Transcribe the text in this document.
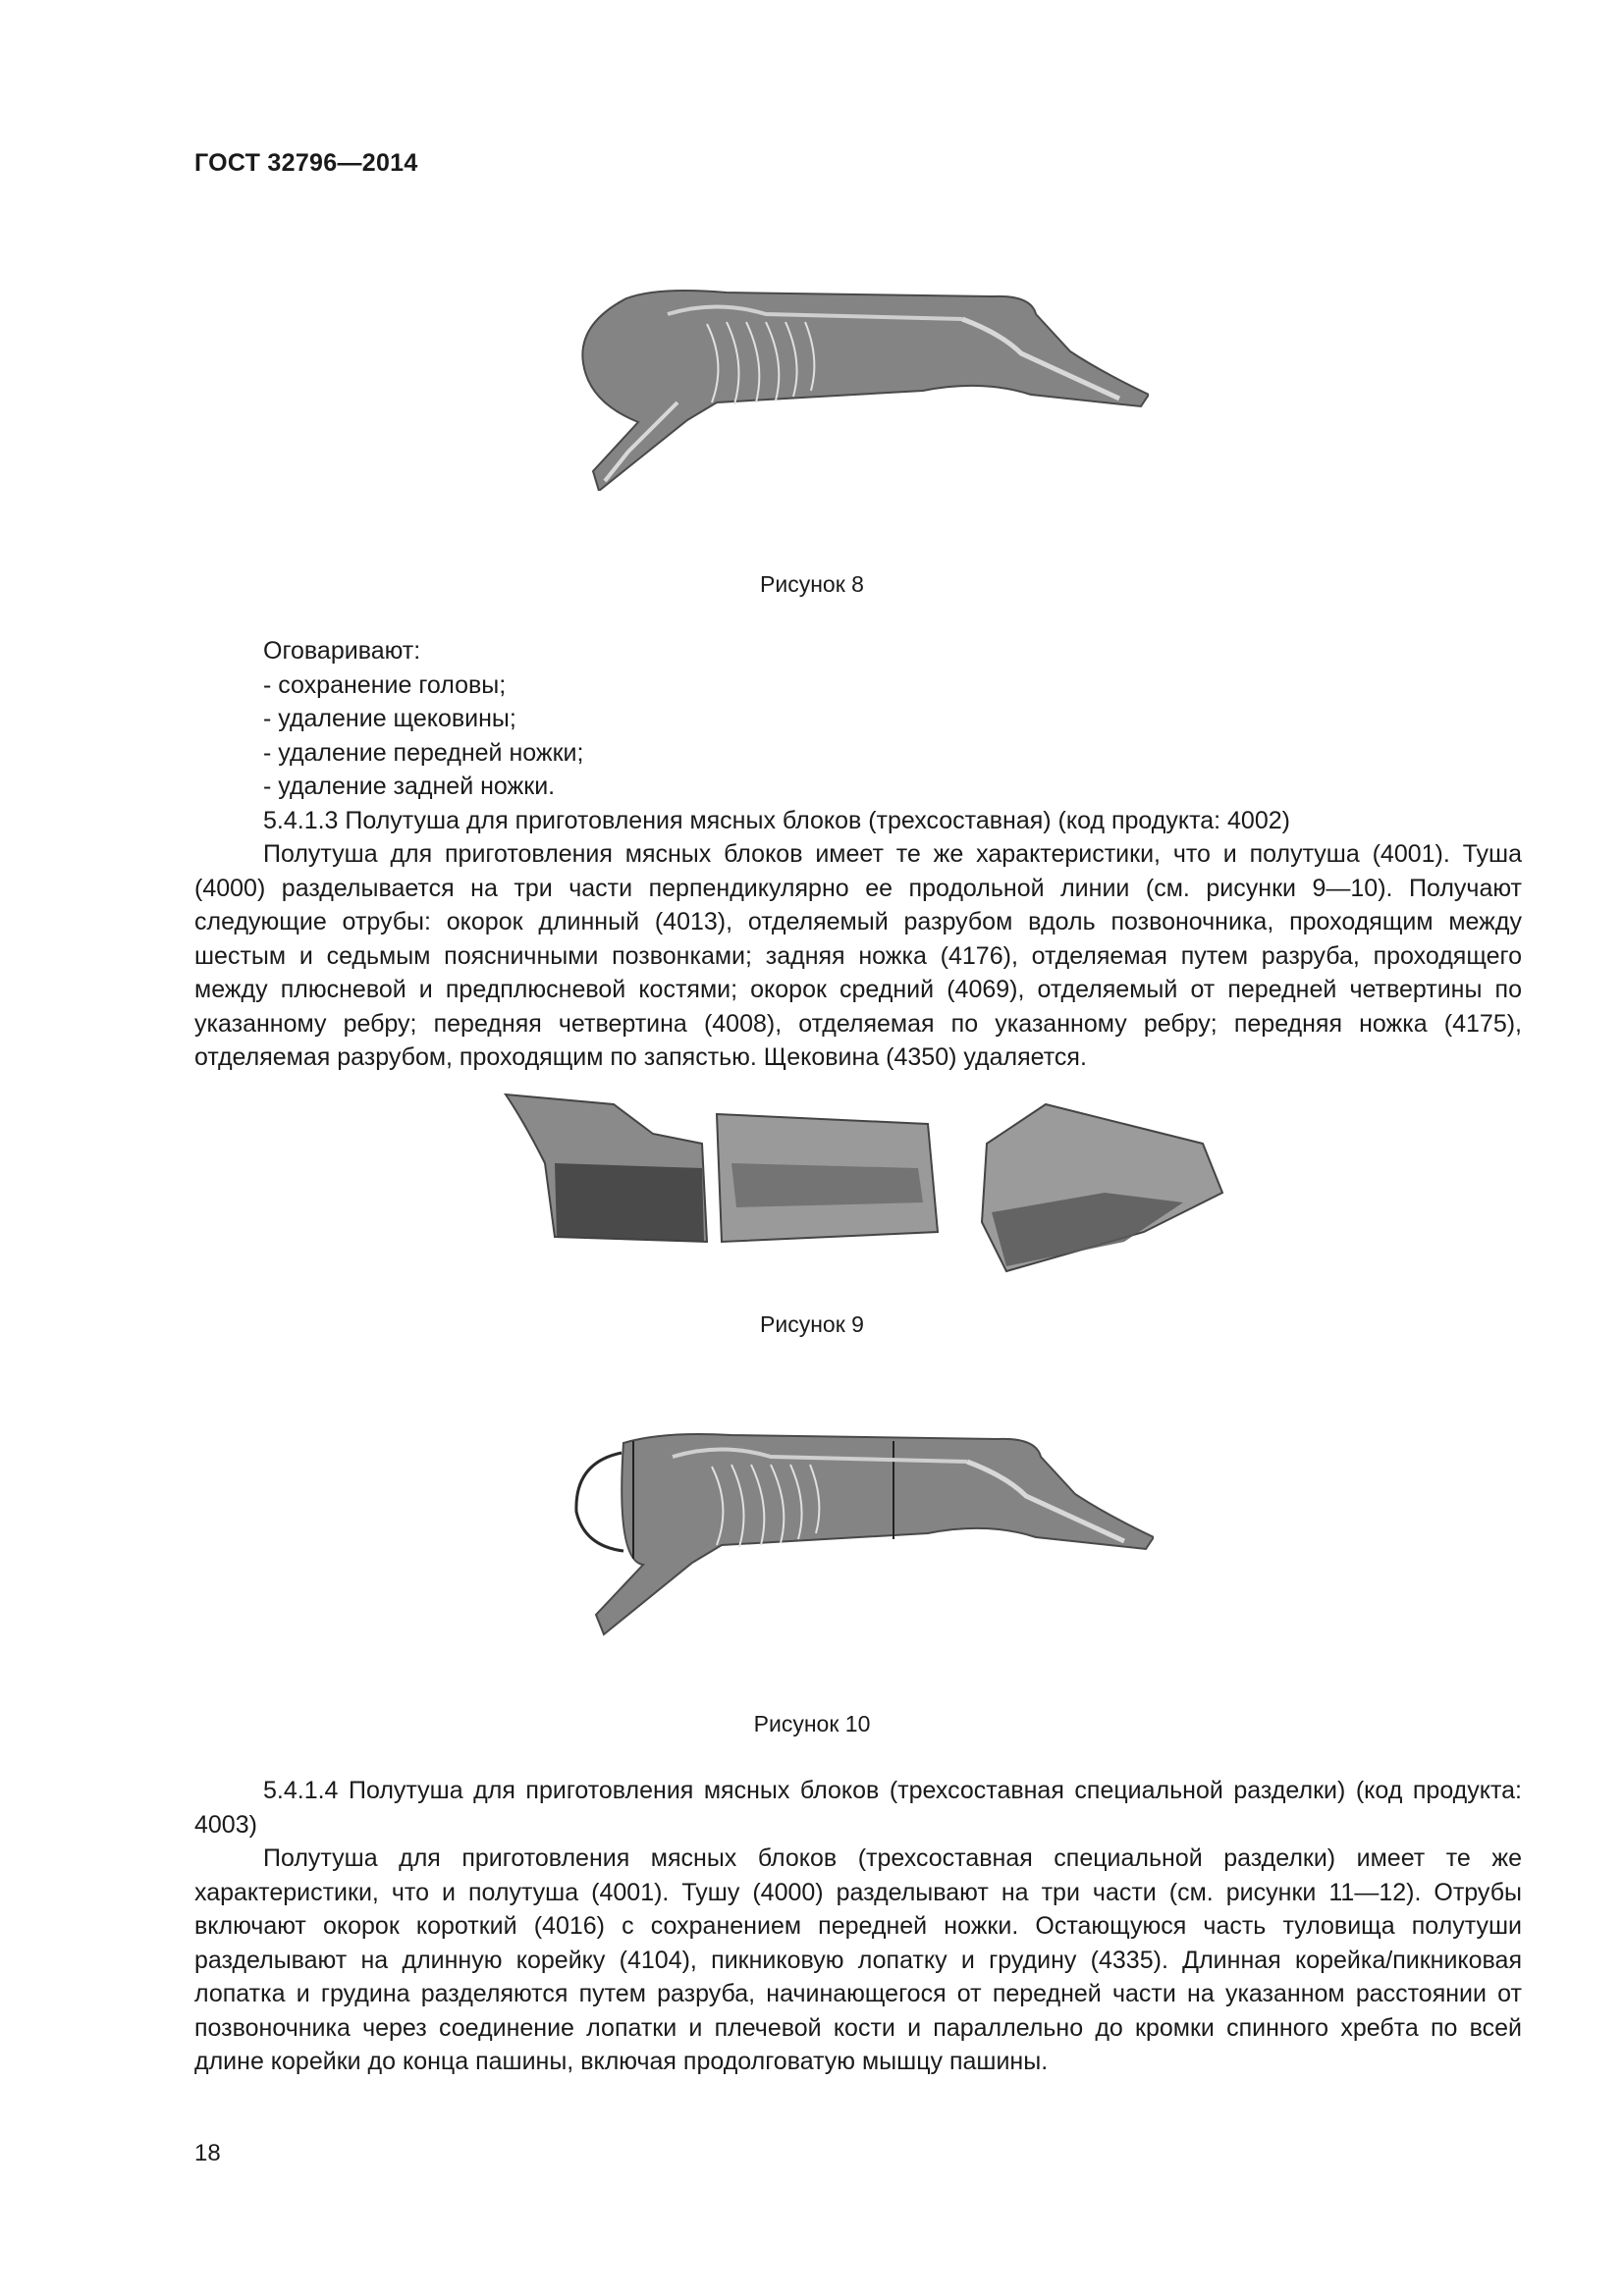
ГОСТ 32796—2014
Рисунок 8

Оговаривают:

- сохранение головы;

- удаление щековины;

- удаление передней ножки;

- удаление задней ножки.

5.4.1.3 Полутуша для приготовления мясных блоков (трехсоставная) (код продукта: 4002)

Полутуша для приготовления мясных блоков имеет те же характеристики, что и полутуша (4001). Туша (4000) разделывается на три части перпендикулярно ее продольной линии (см. рисунки 9—10). Получают следующие отрубы: окорок длинный (4013), отделяемый разрубом вдоль позвоночника, проходящим между шестым и седьмым поясничными позвонками; задняя ножка (4176), отделяемая путем разруба, проходящего между плюсневой и предплюсневой костями; окорок средний (4069), отделяемый от передней четвертины по указанному ребру; передняя четвертина (4008), отделяемая по указанному ребру; передняя ножка (4175), отделяемая разрубом, проходящим по запястью. Щековина (4350) удаляется.

Рисунок 9
Рисунок 10

5.4.1.4 Полутуша для приготовления мясных блоков (трехсоставная специальной разделки) (код продукта: 4003)

Полутуша для приготовления мясных блоков (трехсоставная специальной разделки) имеет те же характеристики, что и полутуша (4001). Тушу (4000) разделывают на три части (см. рисунки 11—12). Отрубы включают окорок короткий (4016) с сохранением передней ножки. Остающуюся часть туловища полутуши разделывают на длинную корейку (4104), пикниковую лопатку и грудину (4335). Длинная корейка/пикниковая лопатка и грудина разделяются путем разруба, начинающегося от передней части на указанном расстоянии от позвоночника через соединение лопатки и плечевой кости и параллельно до кромки спинного хребта по всей длине корейки до конца пашины, включая продолговатую мышцу пашины.

18
